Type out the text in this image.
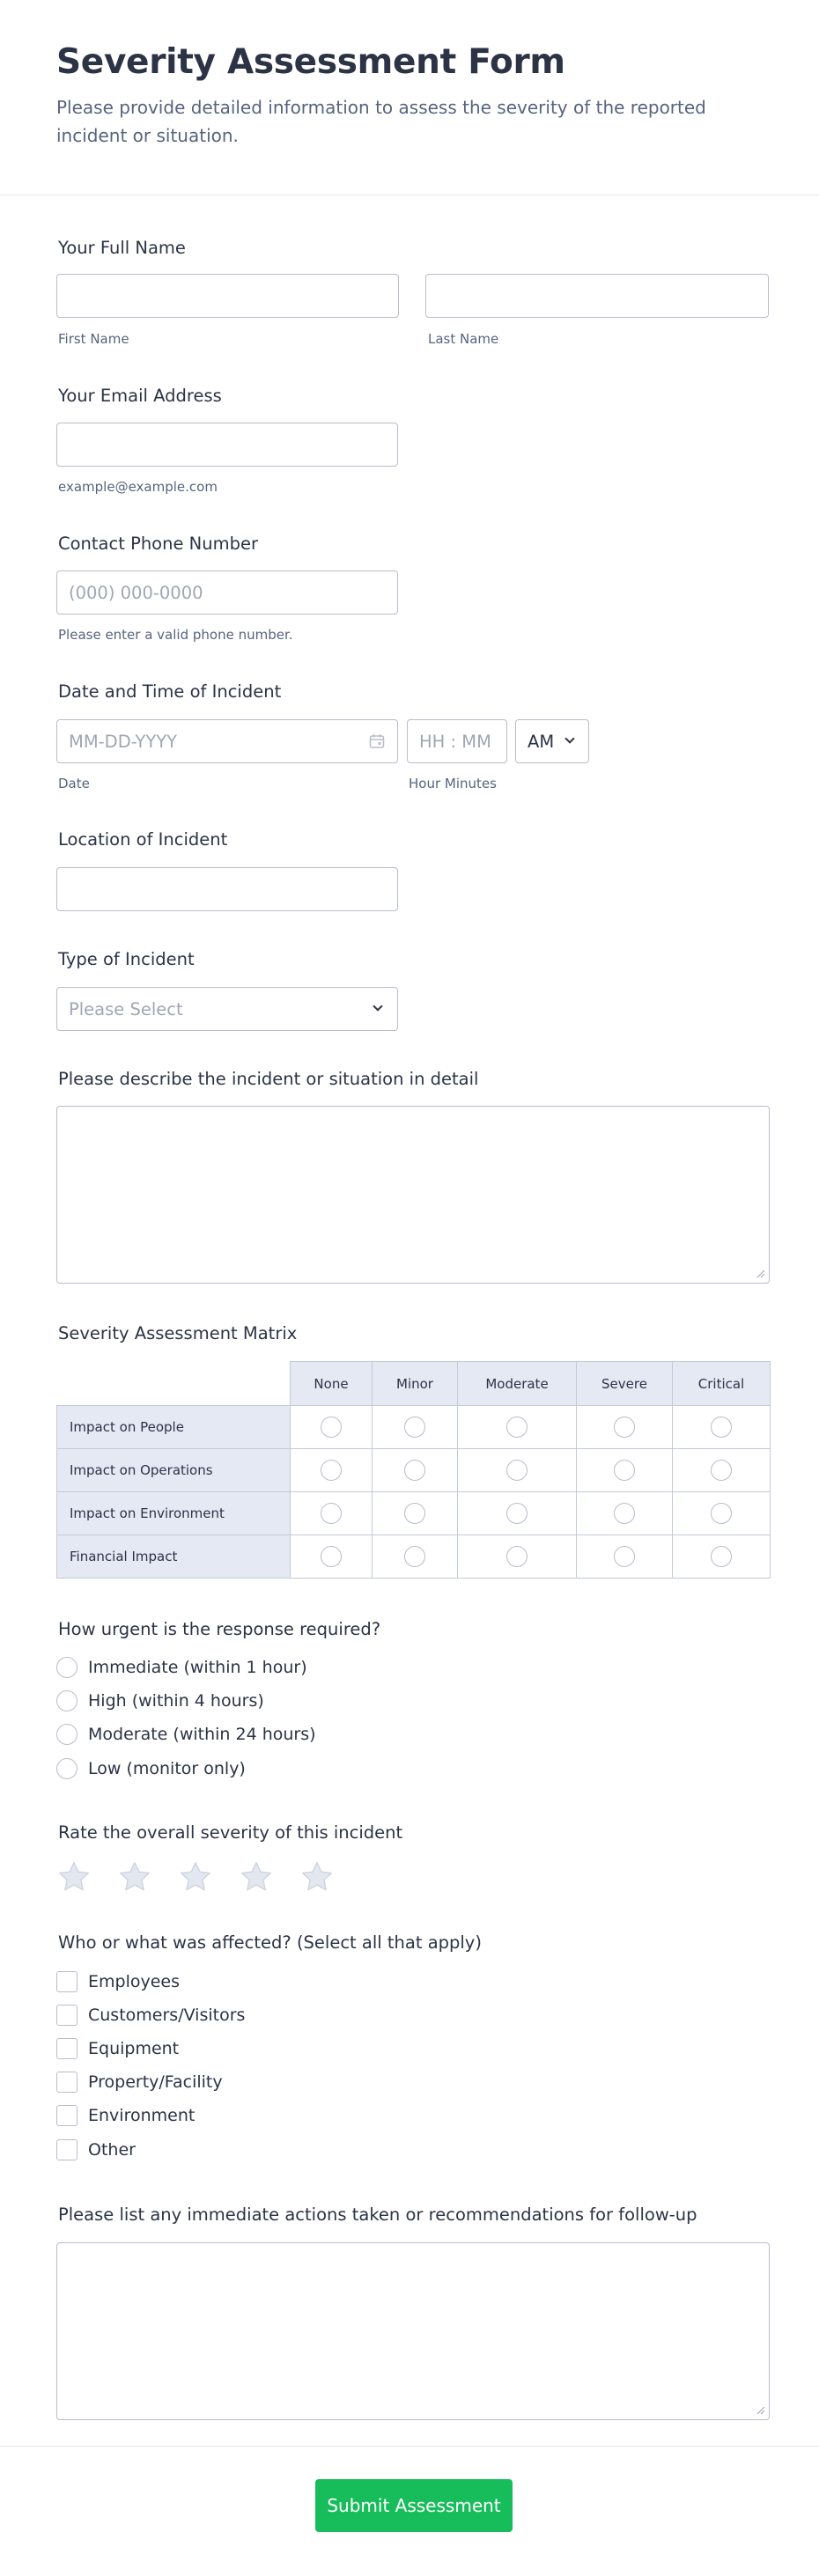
Severity Assessment Form
Please provide detailed information to assess the severity of the reported incident or situation.
Your Full Name
First Name	Last Name
Your Email Address
example@example.com
Contact Phone Number
(000) 000-0000
Please enter a valid phone number.
Date and Time of Incident
MM-DD-YYYY
HH : MM
AM
Date	Hour Minutes
Location of Incident
Type of Incident
Please Select
Please describe the incident or situation in detail
Severity Assessment Matrix
	None	Minor	Moderate	Severe	Critical
Impact on People					
Impact on Operations					
Impact on Environment					
Financial Impact					
How urgent is the response required?
Immediate (within 1 hour)
High (within 4 hours)
Moderate (within 24 hours)
Low (monitor only)
Rate the overall severity of this incident
Who or what was affected? (Select all that apply)
Employees
Customers/Visitors
Equipment
Property/Facility
Environment
Other
Please list any immediate actions taken or recommendations for follow-up
Submit Assessment
